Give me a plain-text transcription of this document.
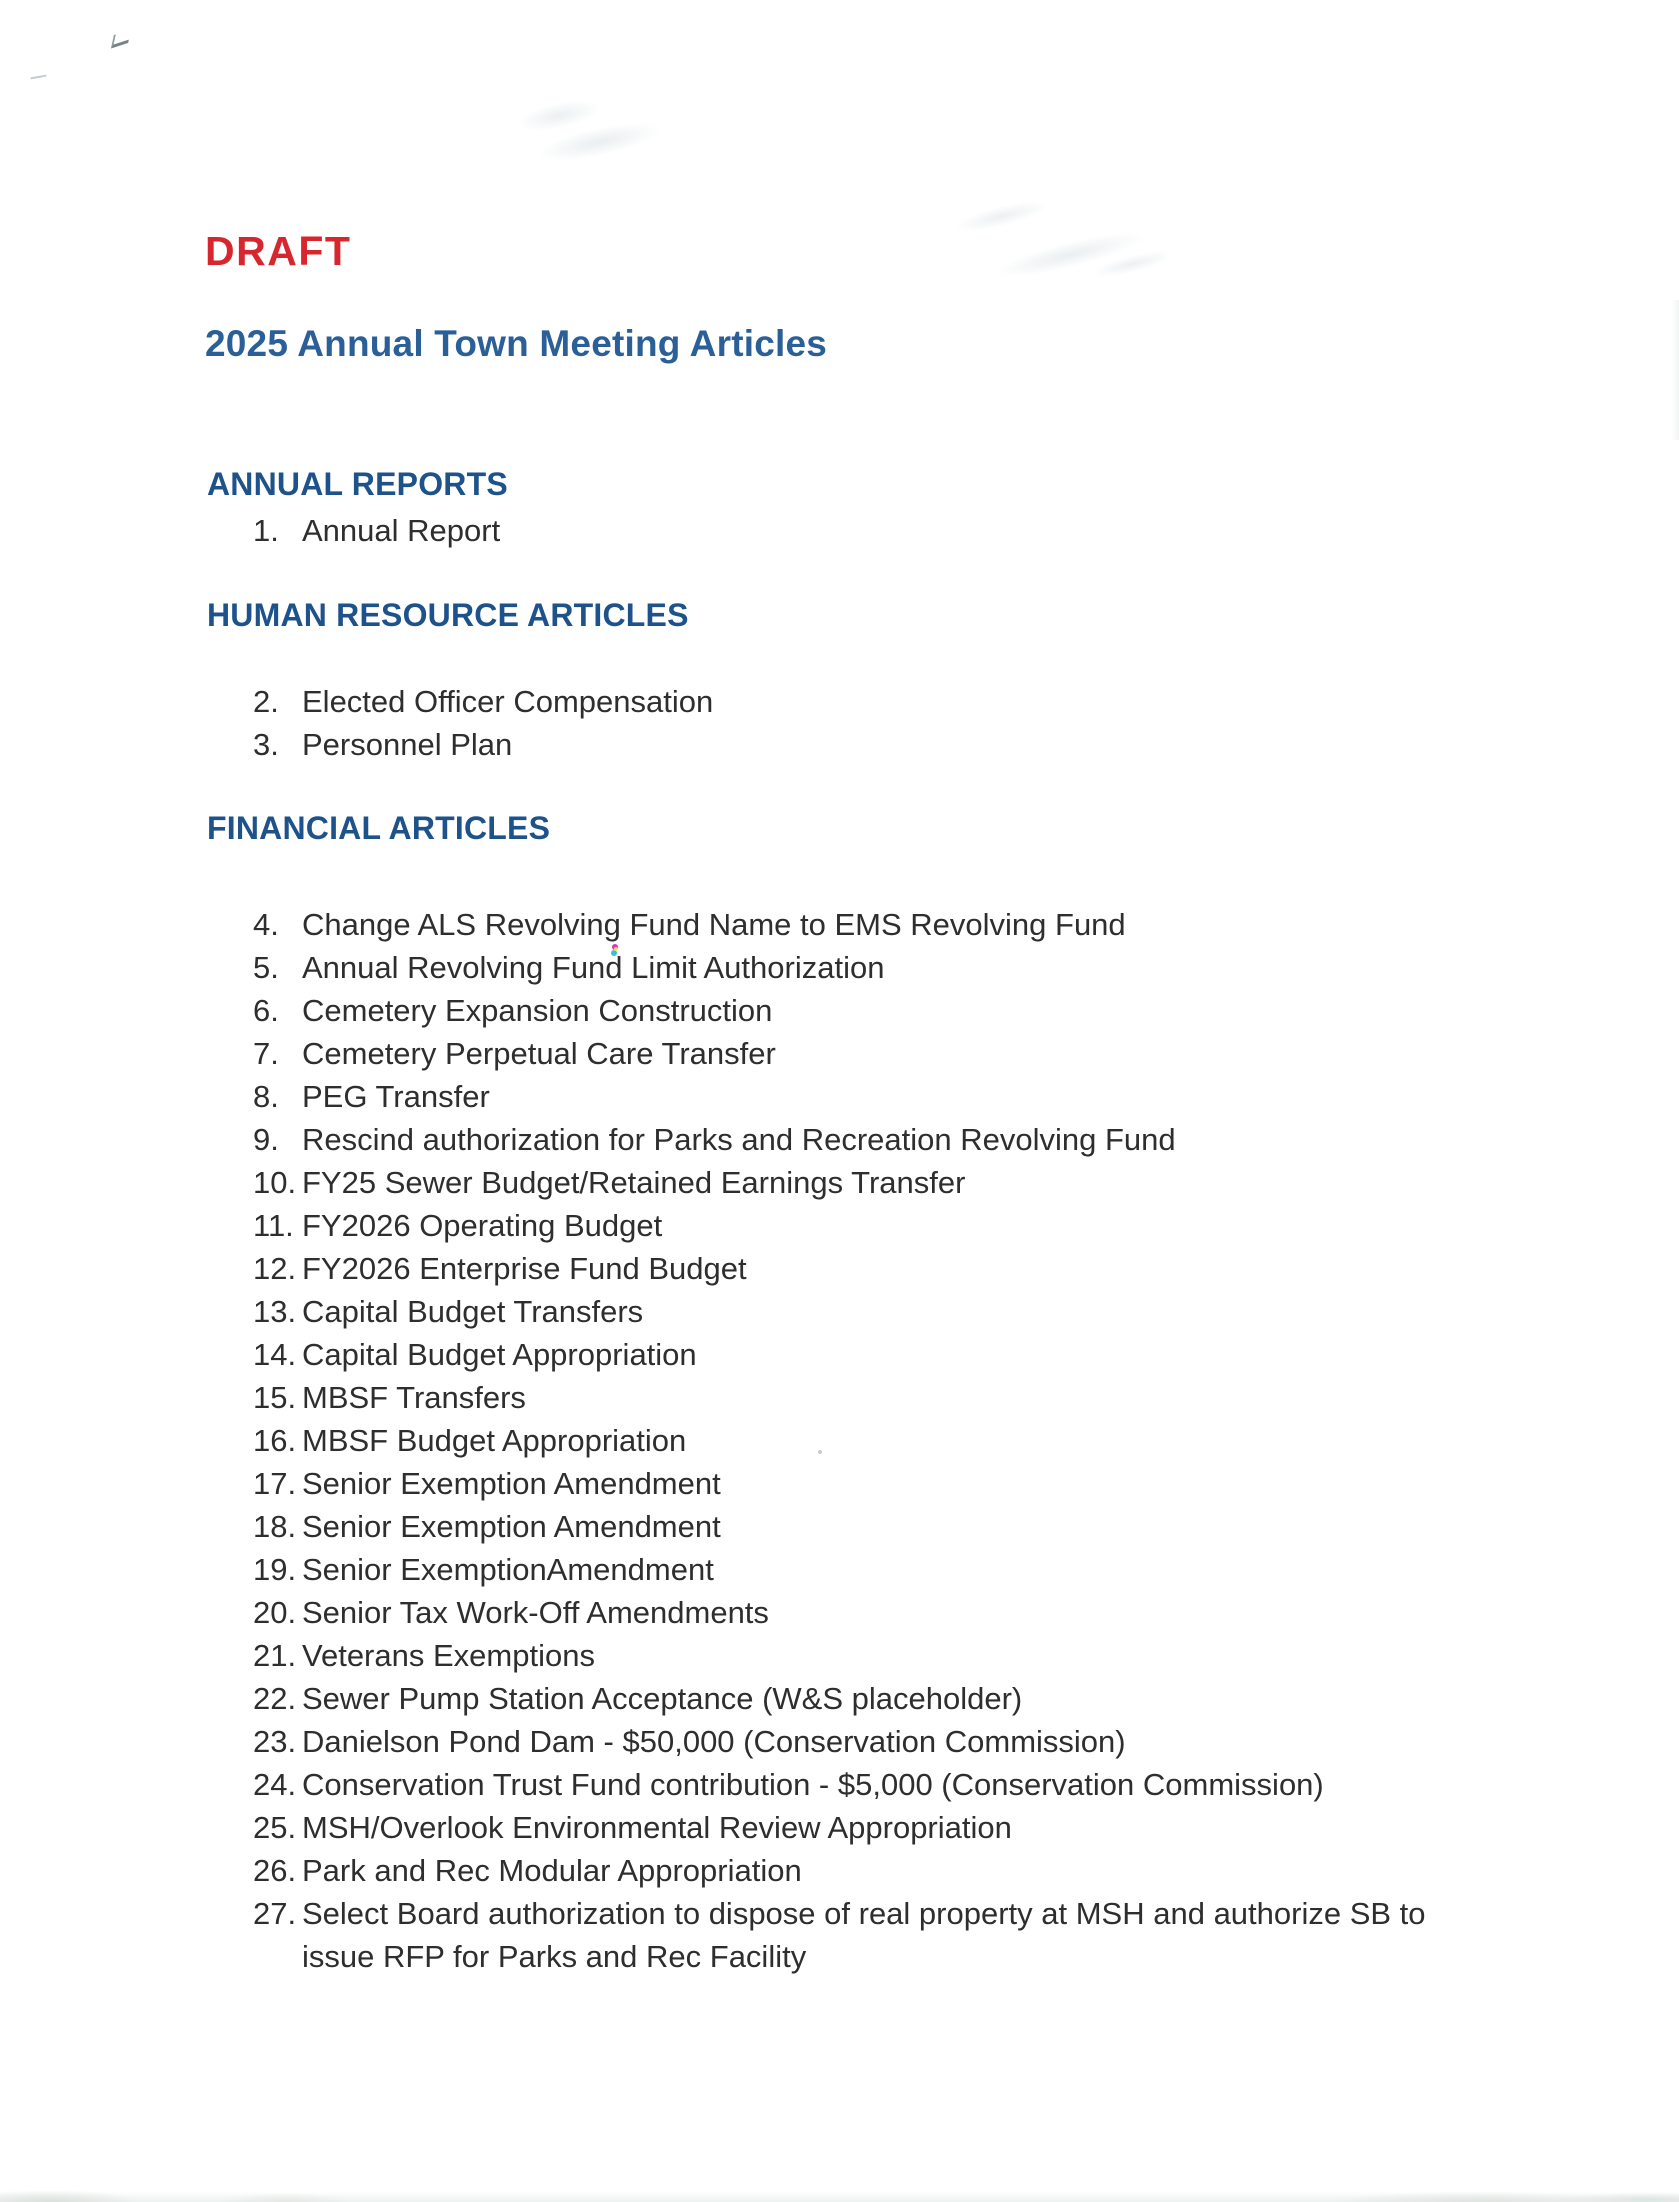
DRAFT
2025 Annual Town Meeting Articles
ANNUAL REPORTS
1. Annual Report
HUMAN RESOURCE ARTICLES
2. Elected Officer Compensation
3. Personnel Plan
FINANCIAL ARTICLES
4. Change ALS Revolving Fund Name to EMS Revolving Fund
5. Annual Revolving Fund Limit Authorization
6. Cemetery Expansion Construction
7. Cemetery Perpetual Care Transfer
8. PEG Transfer
9. Rescind authorization for Parks and Recreation Revolving Fund
10. FY25 Sewer Budget/Retained Earnings Transfer
11. FY2026 Operating Budget
12. FY2026 Enterprise Fund Budget
13. Capital Budget Transfers
14. Capital Budget Appropriation
15. MBSF Transfers
16. MBSF Budget Appropriation
17. Senior Exemption Amendment
18. Senior Exemption Amendment
19. Senior ExemptionAmendment
20. Senior Tax Work-Off Amendments
21. Veterans Exemptions
22. Sewer Pump Station Acceptance (W&S placeholder)
23. Danielson Pond Dam - $50,000 (Conservation Commission)
24. Conservation Trust Fund contribution - $5,000 (Conservation Commission)
25. MSH/Overlook Environmental Review Appropriation
26. Park and Rec Modular Appropriation
27. Select Board authorization to dispose of real property at MSH and authorize SB to issue RFP for Parks and Rec Facility
